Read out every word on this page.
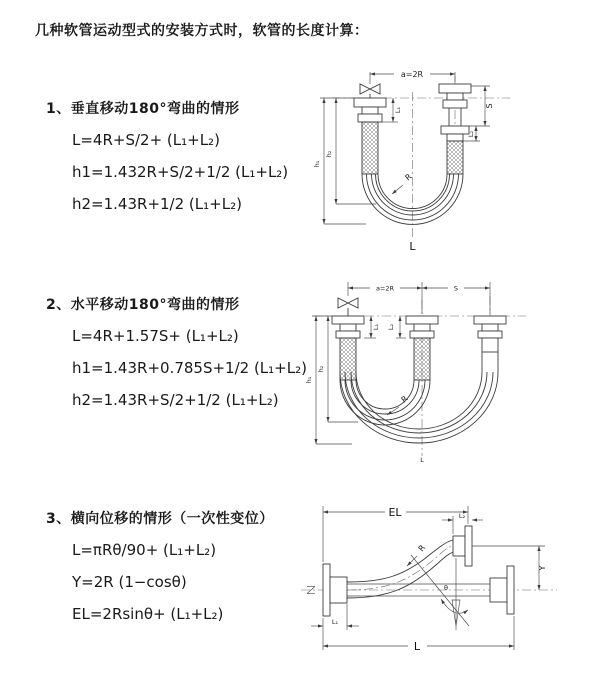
几种软管运动型式的安装方式时，软管的长度计算：
1、垂直移动180°弯曲的情形
L=4R+S/2+ (L₁+L₂)
h1=1.432R+S/2+1/2 (L₁+L₂)
h2=1.43R+1/2 (L₁+L₂)
2、水平移动180°弯曲的情形
L=4R+1.57S+ (L₁+L₂)
h1=1.43R+0.785S+1/2 (L₁+L₂)
h2=1.43R+S/2+1/2 (L₁+L₂)
3、横向位移的情形（一次性变位）
L=πRθ/90+ (L₁+L₂)
Y=2R (1−cosθ)
EL=2Rsinθ+ (L₁+L₂)
a=2R
h₁
h₂
L₁
S
L₂
R
L
a=2R	S
h₁
h₂
L₁ L₂
R
L
EL	L₂
Y
L₁
L
R
θ
